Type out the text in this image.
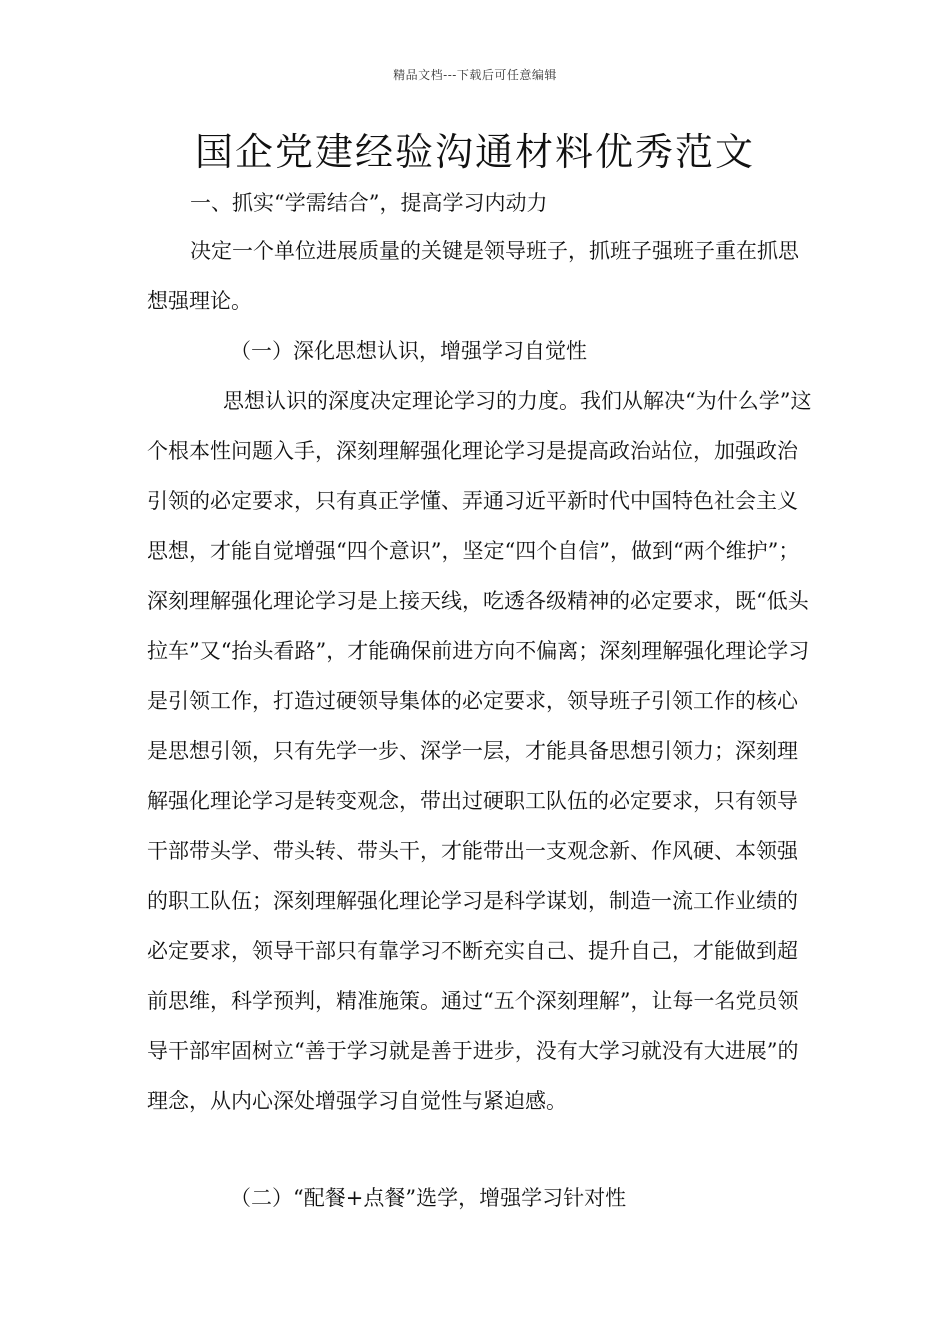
精品文档---下载后可任意编辑
国企党建经验沟通材料优秀范文

一、抓实“学需结合”，提高学习内动力

决定一个单位进展质量的关键是领导班子，抓班子强班子重在抓思想强理论。

（一）深化思想认识，增强学习自觉性

思想认识的深度决定理论学习的力度。我们从解决“为什么学”这个根本性问题入手，深刻理解强化理论学习是提高政治站位，加强政治引领的必定要求，只有真正学懂、弄通习近平新时代中国特色社会主义思想，才能自觉增强“四个意识”，坚定“四个自信”，做到“两个维护”；深刻理解强化理论学习是上接天线，吃透各级精神的必定要求，既“低头拉车”又“抬头看路”，才能确保前进方向不偏离；深刻理解强化理论学习是引领工作，打造过硬领导集体的必定要求，领导班子引领工作的核心是思想引领，只有先学一步、深学一层，才能具备思想引领力；深刻理解强化理论学习是转变观念，带出过硬职工队伍的必定要求，只有领导干部带头学、带头转、带头干，才能带出一支观念新、作风硬、本领强的职工队伍；深刻理解强化理论学习是科学谋划，制造一流工作业绩的必定要求，领导干部只有靠学习不断充实自己、提升自己，才能做到超前思维，科学预判，精准施策。通过“五个深刻理解”，让每一名党员领导干部牢固树立“善于学习就是善于进步，没有大学习就没有大进展”的理念，从内心深处增强学习自觉性与紧迫感。

（二）“配餐+点餐”选学，增强学习针对性
